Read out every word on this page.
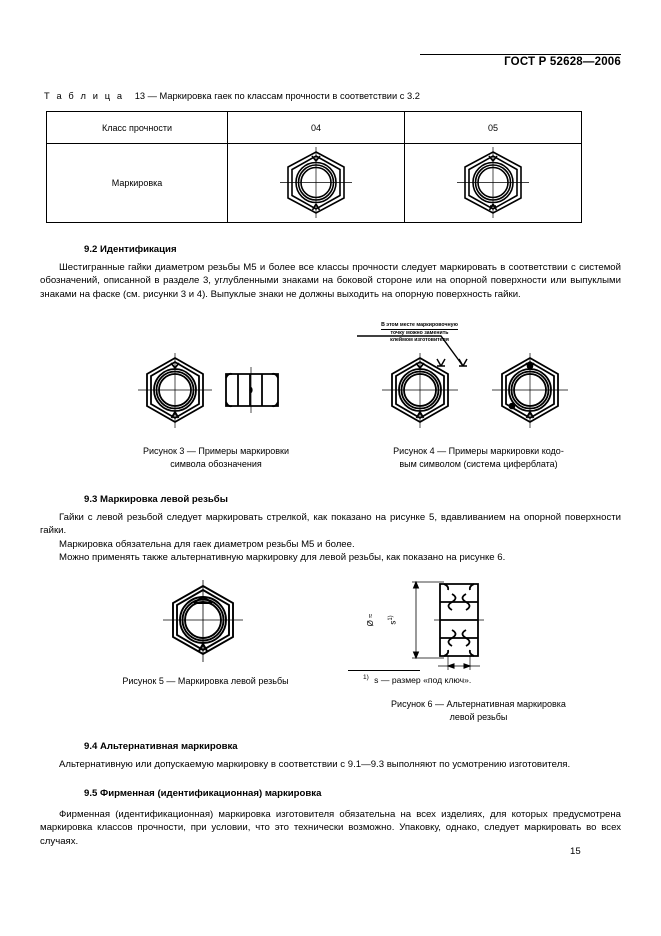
ГОСТ Р 52628—2006
Т а б л и ц а 13 — Маркировка гаек по классам прочности в соответствии с 3.2
Класс прочности	04	05
Маркировка	

9.2 Идентификация
Шестигранные гайки диаметром резьбы М5 и более все классы прочности следует маркировать в соответствии с системой обозначений, описанной в разделе 3, углубленными знаками на боковой стороне или на опорной поверхности или выпуклыми знаками на фаске (см. рисунки 3 и 4). Выпуклые знаки не должны выходить на опорную поверхность гайки.
Рисунок 3 — Примеры маркировки
символа обозначения
В этом месте маркировочную
точку можно заменить
клеймом изготовителя
Рисунок 4 — Примеры маркировки кодо-
вым символом (система циферблата)
9.3 Маркировка левой резьбы
Гайки с левой резьбой следует маркировать стрелкой, как показано на рисунке 5, вдавливанием на опорной поверхности гайки.
Маркировка обязательна для гаек диаметром резьбы М5 и более.
Можно применять также альтернативную маркировку для левой резьбы, как показано на рисунке 6.
Рисунок 5 — Маркировка левой резьбы
Ø ≈ $s^{1)}$
$^{1)}$ s — размер «под ключ».
Рисунок 6 — Альтернативная маркировка
левой резьбы
9.4 Альтернативная маркировка
Альтернативную или допускаемую маркировку в соответствии с 9.1—9.3 выполняют по усмотрению изготовителя.
9.5 Фирменная (идентификационная) маркировка
Фирменная (идентификационная) маркировка изготовителя обязательна на всех изделиях, для которых предусмотрена маркировка классов прочности, при условии, что это технически возможно. Упаковку, однако, следует маркировать во всех случаях.
15
